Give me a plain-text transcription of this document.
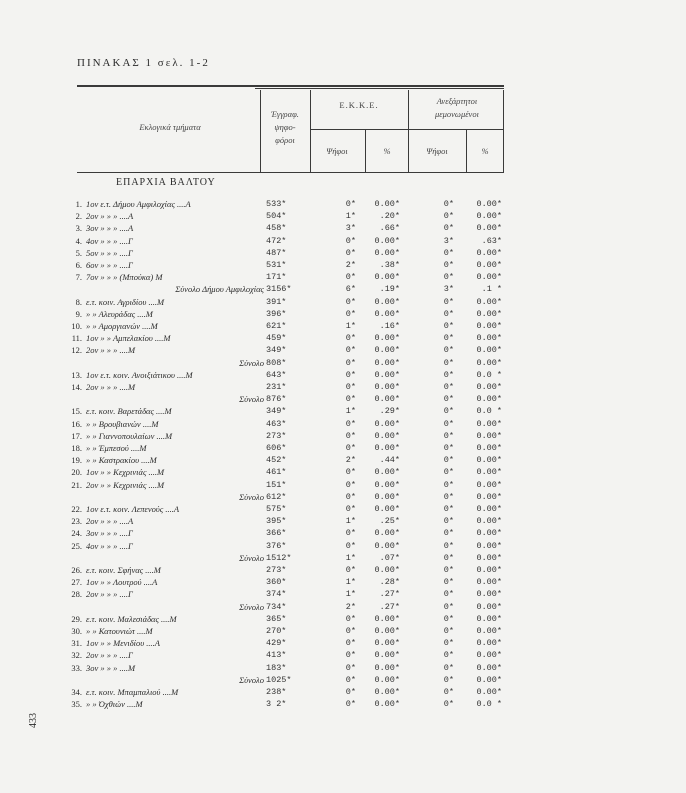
ΠΙΝΑΚΑΣ 1 σελ. 1-2
Εκλογικά τμήματα
Έγγραφ. ψηφο- φόροι
Ε.Κ.Κ.Ε.	Ανεξάρτητοι μεμονωμένοι
Ψήφοι	%	Ψήφοι	%
ΕΠΑΡΧΙΑ ΒΑΛΤΟΥ
1. 1ον ε.τ. Δήμου Αμφιλοχίας ....Α	533*	0*	0.00*	0*	0.00*
2. 2ον » » » ....Α	504*	1*	.20*	0*	0.00*
3. 3ον » » » ....Α	458*	3*	.66*	0*	0.00*
4. 4ον » » » ....Γ	472*	0*	0.00*	3*	.63*
5. 5ον » » » ....Γ	487*	0*	0.00*	0*	0.00*
6. 6ον » » » ....Γ	531*	2*	.38*	0*	0.00*
7. 7ον » » » (Μπούκα) Μ	171*	0*	0.00*	0*	0.00*
Σύνολο Δήμου Αμφιλοχίας 3156*	6*	.19*	3*	.1 *
8. ε.τ. κοιν. Αγριδίου ....Μ	391*	0*	0.00*	0*	0.00*
9. » » Αλευράδας ....Μ	396*	0*	0.00*	0*	0.00*
10. » » Αμοργιανών ....Μ	621*	1*	.16*	0*	0.00*
11. 1ον » » Αμπελακίου ....Μ	459*	0*	0.00*	0*	0.00*
12. 2ον » » » ....Μ	349*	0*	0.00*	0*	0.00*
Σύνολο 808*	0*	0.00*	0*	0.00*
13. 1ον ε.τ. κοιν. Ανοιξιάτικου ....Μ	643*	0*	0.00*	0*	0.0 *
14. 2ον » » » ....Μ	231*	0*	0.00*	0*	0.00*
Σύνολο 876*	0*	0.00*	0*	0.00*
15. ε.τ. κοιν. Βαρετάδας ....Μ	349*	1*	.29*	0*	0.0 *
16. » » Βρουβιανών ....Μ	463*	0*	0.00*	0*	0.00*
17. » » Γιαννοπουλαίων ....Μ	273*	0*	0.00*	0*	0.00*
18. » » Έμπεσού ....Μ	606*	0*	0.00*	0*	0.00*
19. » » Καστρακίου ....Μ	452*	2*	.44*	0*	0.00*
20. 1ον » » Κεχρινιάς ....Μ	461*	0*	0.00*	0*	0.00*
21. 2ον » » Κεχρινιάς ....Μ	151*	0*	0.00*	0*	0.00*
Σύνολο 612*	0*	0.00*	0*	0.00*
22. 1ον ε.τ. κοιν. Λεπενούς ....Α	575*	0*	0.00*	0*	0.00*
23. 2ον » » » ....Α	395*	1*	.25*	0*	0.00*
24. 3ον » » » ....Γ	366*	0*	0.00*	0*	0.00*
25. 4ον » » » ....Γ	376*	0*	0.00*	0*	0.00*
Σύνολο 1512*	1*	.07*	0*	0.00*
26. ε.τ. κοιν. Σφήνας ....Μ	273*	0*	0.00*	0*	0.00*
27. 1ον » » Λουτρού ....Α	360*	1*	.28*	0*	0.00*
28. 2ον » » » ....Γ	374*	1*	.27*	0*	0.00*
Σύνολο 734*	2*	.27*	0*	0.00*
29. ε.τ. κοιν. Μαλεσιάδας ....Μ	365*	0*	0.00*	0*	0.00*
30. » » Κατουνιώτ ....Μ	270*	0*	0.00*	0*	0.00*
31. 1ον » » Μενιδίου ....Α	429*	0*	0.00*	0*	0.00*
32. 2ον » » » ....Γ	413*	0*	0.00*	0*	0.00*
33. 3ον » » » ....Μ	183*	0*	0.00*	0*	0.00*
Σύνολο 1025*	0*	0.00*	0*	0.00*
34. ε.τ. κοιν. Μπαμπαλιού ....Μ	238*	0*	0.00*	0*	0.00*
35. » » Όχθιών ....Μ	3 2*	0*	0.00*	0*	0.0 *
433
